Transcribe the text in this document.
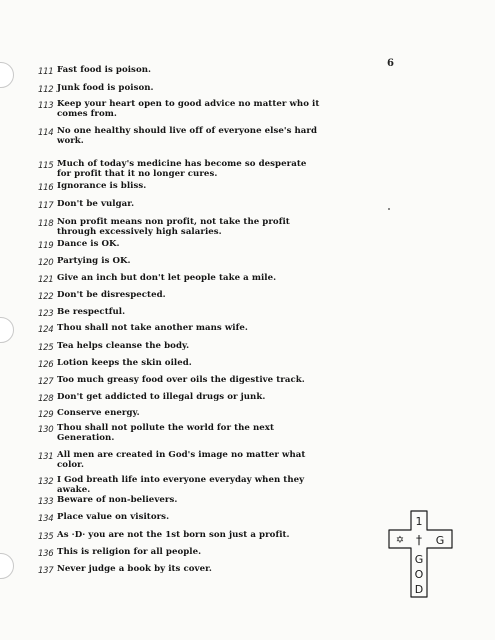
6
111 Fast food is poison.
112 Junk food is poison.
113 Keep your heart open to good advice no matter who it
comes from.
114 No one healthy should live off of everyone else's hard
work.
115 Much of today's medicine has become so desperate
for profit that it no longer cures.
116 Ignorance is bliss.
117 Don't be vulgar.
118 Non profit means non profit, not take the profit
through excessively high salaries.
119 Dance is OK.
120 Partying is OK.
121 Give an inch but don't let people take a mile.
122 Don't be disrespected.
123 Be respectful.
124 Thou shall not take another mans wife.
125 Tea helps cleanse the body.
126 Lotion keeps the skin oiled.
127 Too much greasy food over oils the digestive track.
128 Don't get addicted to illegal drugs or junk.
129 Conserve energy.
130 Thou shall not pollute the world for the next
Generation.
131 All men are created in God's image no matter what
color.
132 I God breath life into everyone everyday when they
awake.
133 Beware of non-believers.
134 Place value on visitors.
135 As ·D· you are not the 1st born son just a profit.
136 This is religion for all people.
137 Never judge a book by its cover.
1
✡ † G
G
O
D
